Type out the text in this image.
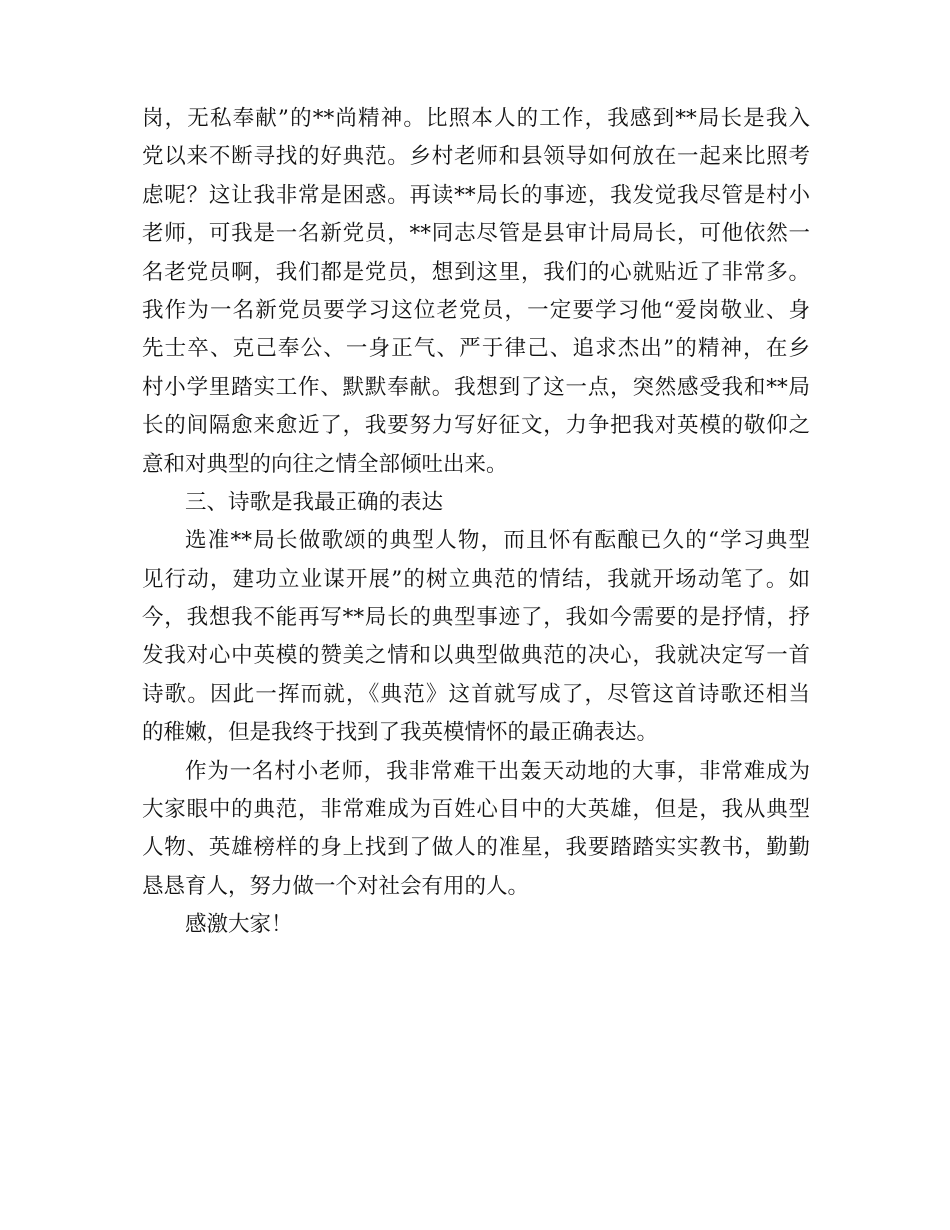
岗，无私奉献”的**尚精神。比照本人的工作，我感到**局长是我入
党以来不断寻找的好典范。乡村老师和县领导如何放在一起来比照考
虑呢？这让我非常是困惑。再读**局长的事迹，我发觉我尽管是村小
老师，可我是一名新党员，**同志尽管是县审计局局长，可他依然一
名老党员啊，我们都是党员，想到这里，我们的心就贴近了非常多。
我作为一名新党员要学习这位老党员，一定要学习他“爱岗敬业、身
先士卒、克己奉公、一身正气、严于律己、追求杰出”的精神，在乡
村小学里踏实工作、默默奉献。我想到了这一点，突然感受我和**局
长的间隔愈来愈近了，我要努力写好征文，力争把我对英模的敬仰之
意和对典型的向往之情全部倾吐出来。
三、诗歌是我最正确的表达
选准**局长做歌颂的典型人物，而且怀有酝酿已久的“学习典型
见行动，建功立业谋开展”的树立典范的情结，我就开场动笔了。如
今，我想我不能再写**局长的典型事迹了，我如今需要的是抒情，抒
发我对心中英模的赞美之情和以典型做典范的决心，我就决定写一首
诗歌。因此一挥而就，《典范》这首就写成了，尽管这首诗歌还相当
的稚嫩，但是我终于找到了我英模情怀的最正确表达。
作为一名村小老师，我非常难干出轰天动地的大事，非常难成为
大家眼中的典范，非常难成为百姓心目中的大英雄，但是，我从典型
人物、英雄榜样的身上找到了做人的准星，我要踏踏实实教书，勤勤
恳恳育人，努力做一个对社会有用的人。
感激大家！
